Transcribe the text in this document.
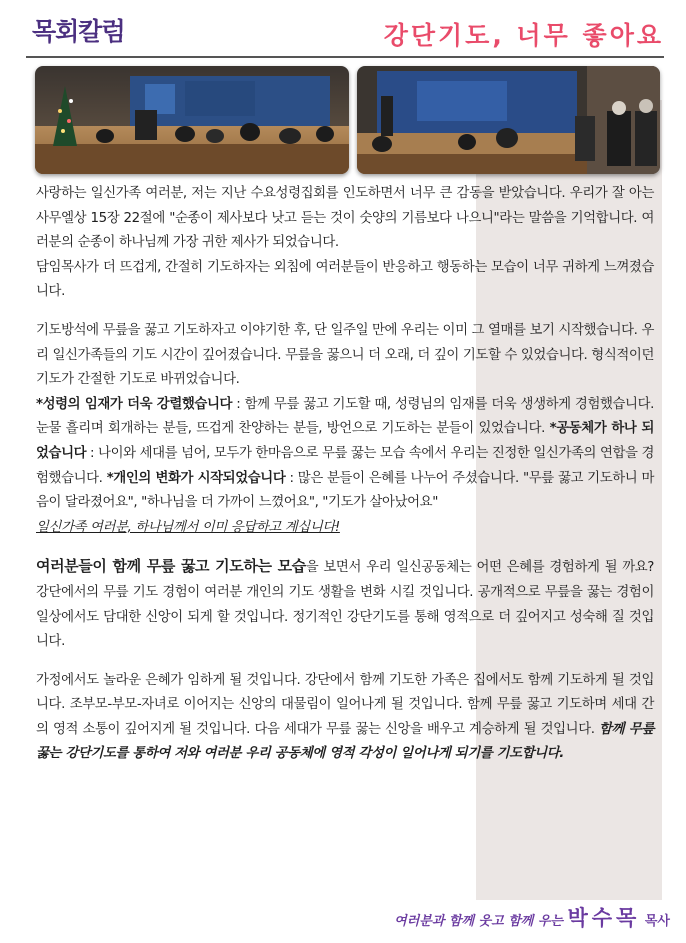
목회칼럼	강단기도, 너무 좋아요

사랑하는 일신가족 여러분, 저는 지난 수요성령집회를 인도하면서 너무 큰 감동을 받았습니다. 우리가 잘 아는 사무엘상 15장 22절에 "순종이 제사보다 낫고 듣는 것이 숫양의 기름보다 나으니"라는 말씀을 기억합니다. 여러분의 순종이 하나님께 가장 귀한 제사가 되었습니다.
담임목사가 더 뜨겁게, 간절히 기도하자는 외침에 여러분들이 반응하고 행동하는 모습이 너무 귀하게 느껴졌습니다.

기도방석에 무릎을 꿇고 기도하자고 이야기한 후, 단 일주일 만에 우리는 이미 그 열매를 보기 시작했습니다. 우리 일신가족들의 기도 시간이 깊어졌습니다. 무릎을 꿇으니 더 오래, 더 깊이 기도할 수 있었습니다. 형식적이던 기도가 간절한 기도로 바뀌었습니다.
*성령의 임재가 더욱 강렬했습니다 : 함께 무릎 꿇고 기도할 때, 성령님의 임재를 더욱 생생하게 경험했습니다. 눈물 흘리며 회개하는 분들, 뜨겁게 찬양하는 분들, 방언으로 기도하는 분들이 있었습니다. *공동체가 하나 되었습니다 : 나이와 세대를 넘어, 모두가 한마음으로 무릎 꿇는 모습 속에서 우리는 진정한 일신가족의 연합을 경험했습니다. *개인의 변화가 시작되었습니다 : 많은 분들이 은혜를 나누어 주셨습니다. "무릎 꿇고 기도하니 마음이 달라졌어요", "하나님을 더 가까이 느꼈어요", "기도가 살아났어요"
일신가족 여러분, 하나님께서 이미 응답하고 계십니다!

여러분들이 함께 무릎 꿇고 기도하는 모습을 보면서 우리 일신공동체는 어떤 은혜를 경험하게 될 까요? 강단에서의 무릎 기도 경험이 여러분 개인의 기도 생활을 변화 시킬 것입니다. 공개적으로 무릎을 꿇는 경험이 일상에서도 담대한 신앙이 되게 할 것입니다. 정기적인 강단기도를 통해 영적으로 더 깊어지고 성숙해 질 것입니다.

가정에서도 놀라운 은혜가 임하게 될 것입니다. 강단에서 함께 기도한 가족은 집에서도 함께 기도하게 될 것입니다. 조부모-부모-자녀로 이어지는 신앙의 대물림이 일어나게 될 것입니다. 함께 무릎 꿇고 기도하며 세대 간의 영적 소통이 깊어지게 될 것입니다. 다음 세대가 무릎 꿇는 신앙을 배우고 계승하게 될 것입니다. 함께 무릎 꿇는 강단기도를 통하여 저와 여러분 우리 공동체에 영적 각성이 일어나게 되기를 기도합니다.

여러분과 함께 웃고 함께 우는 박수목 목사
